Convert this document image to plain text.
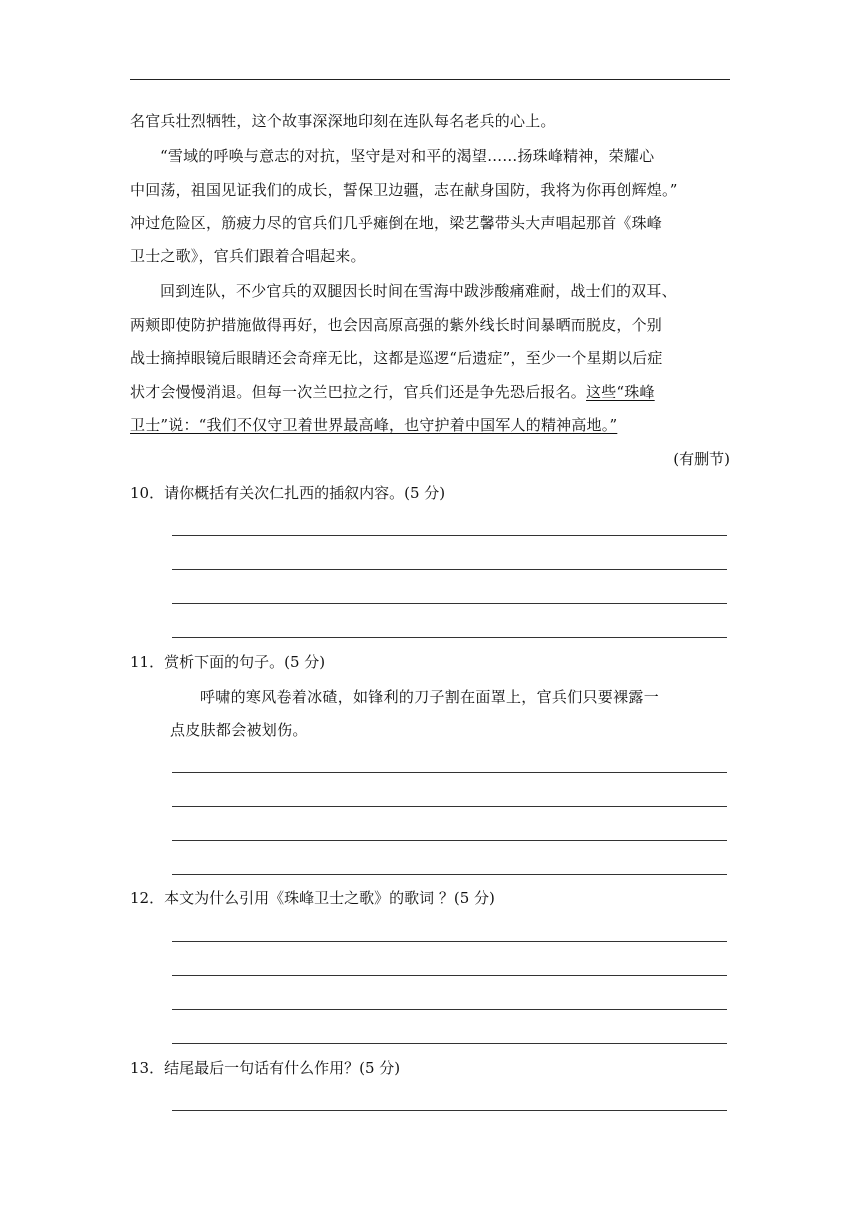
名官兵壮烈牺牲，这个故事深深地印刻在连队每名老兵的心上。
“雪域的呼唤与意志的对抗，坚守是对和平的渴望……扬珠峰精神，荣耀心
中回荡，祖国见证我们的成长，誓保卫边疆，志在献身国防，我将为你再创辉煌。”
冲过危险区，筋疲力尽的官兵们几乎瘫倒在地，梁艺馨带头大声唱起那首《珠峰
卫士之歌》，官兵们跟着合唱起来。
回到连队，不少官兵的双腿因长时间在雪海中跋涉酸痛难耐，战士们的双耳、
两颊即使防护措施做得再好，也会因高原高强的紫外线长时间暴晒而脱皮，个别
战士摘掉眼镜后眼睛还会奇痒无比，这都是巡逻“后遗症”，至少一个星期以后症
状才会慢慢消退。但每一次兰巴拉之行，官兵们还是争先恐后报名。这些“珠峰
卫士”说：“我们不仅守卫着世界最高峰，也守护着中国军人的精神高地。”
(有删节)
10．请你概括有关次仁扎西的插叙内容。(5 分)
11．赏析下面的句子。(5 分)
呼啸的寒风卷着冰碴，如锋利的刀子割在面罩上，官兵们只要裸露一
点皮肤都会被划伤。
12．本文为什么引用《珠峰卫士之歌》的歌词 ？(5 分)
13．结尾最后一句话有什么作用？(5 分)
